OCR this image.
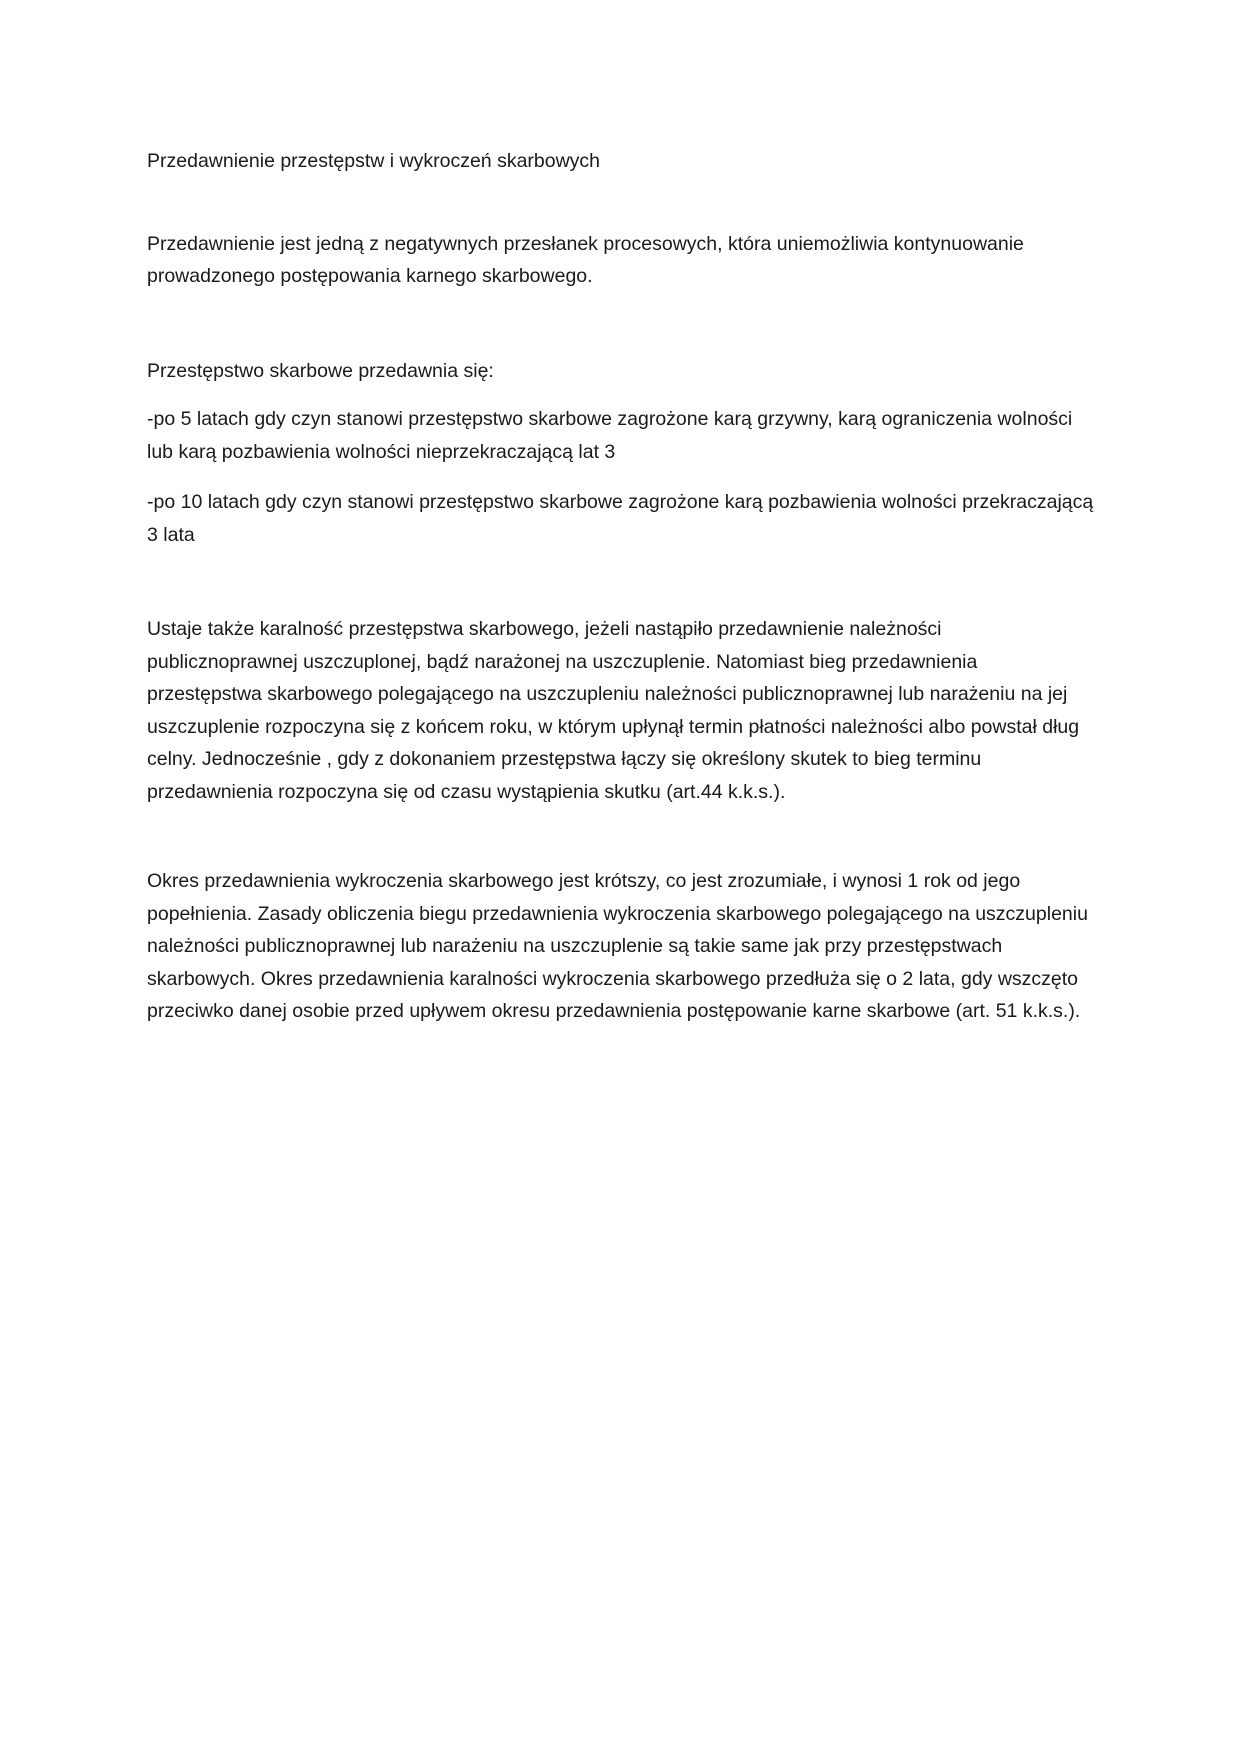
Przedawnienie przestępstw i wykroczeń skarbowych

Przedawnienie jest jedną z negatywnych przesłanek procesowych, która uniemożliwia kontynuowanie prowadzonego postępowania karnego skarbowego.

Przestępstwo skarbowe przedawnia się:

-po 5 latach gdy czyn stanowi przestępstwo skarbowe zagrożone karą grzywny, karą ograniczenia wolności lub karą pozbawienia wolności nieprzekraczającą lat 3

-po 10 latach gdy czyn stanowi przestępstwo skarbowe zagrożone karą pozbawienia wolności przekraczającą 3 lata

Ustaje także karalność przestępstwa skarbowego, jeżeli nastąpiło przedawnienie należności publicznoprawnej uszczuplonej, bądź narażonej na uszczuplenie. Natomiast bieg przedawnienia przestępstwa skarbowego polegającego na uszczupleniu należności publicznoprawnej lub narażeniu na jej uszczuplenie rozpoczyna się z końcem roku, w którym upłynął termin płatności należności albo powstał dług celny. Jednocześnie , gdy z dokonaniem przestępstwa łączy się określony skutek to bieg terminu przedawnienia rozpoczyna się od czasu wystąpienia skutku (art.44 k.k.s.).

Okres przedawnienia wykroczenia skarbowego jest krótszy, co jest zrozumiałe, i wynosi 1 rok od jego popełnienia. Zasady obliczenia biegu przedawnienia wykroczenia skarbowego polegającego na uszczupleniu należności publicznoprawnej lub narażeniu na uszczuplenie są takie same jak przy przestępstwach skarbowych. Okres przedawnienia karalności wykroczenia skarbowego przedłuża się o 2 lata, gdy wszczęto przeciwko danej osobie przed upływem okresu przedawnienia postępowanie karne skarbowe (art. 51 k.k.s.).
